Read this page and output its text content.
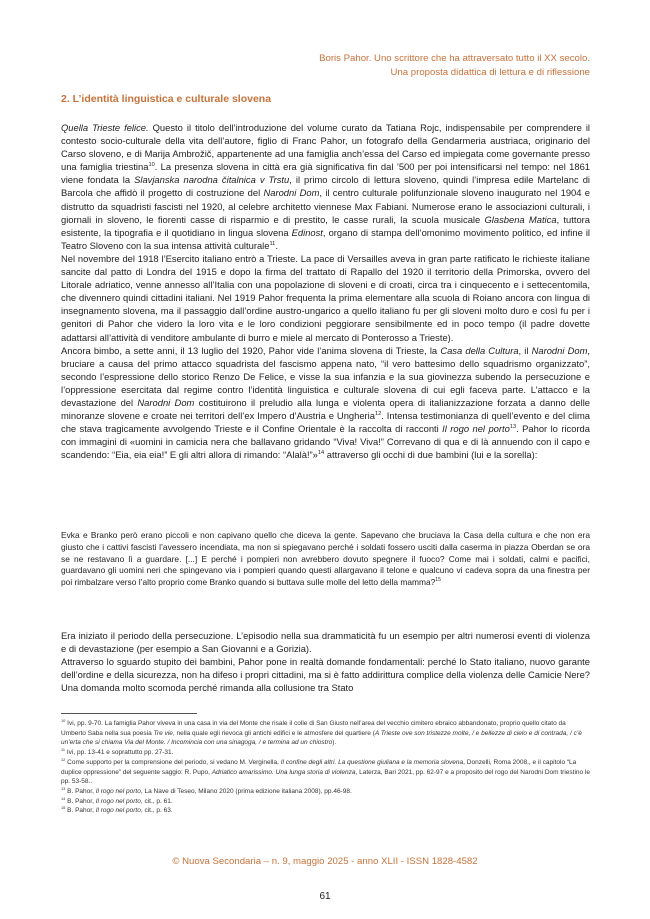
Boris Pahor. Uno scrittore che ha attraversato tutto il XX secolo.
Una proposta didattica di lettura e di riflessione
2. L’identità linguistica e culturale slovena

Quella Trieste felice. Questo il titolo dell’introduzione del volume curato da Tatiana Rojc, indispensabile per comprendere il contesto socio-culturale della vita dell’autore, figlio di Franc Pahor, un fotografo della Gendarmeria austriaca, originario del Carso sloveno, e di Marija Ambrožič, appartenente ad una famiglia anch’essa del Carso ed impiegata come governante presso una famiglia triestina$^{10}$. La presenza slovena in città era già significativa fin dal ’500 per poi intensificarsi nel tempo: nel 1861 viene fondata la Slavjanska narodna čitalnica v Trstu, il primo circolo di lettura sloveno, quindi l’impresa edile Martelanc di Barcola che affidò il progetto di costruzione del Narodni Dom, il centro culturale polifunzionale sloveno inaugurato nel 1904 e distrutto da squadristi fascisti nel 1920, al celebre architetto viennese Max Fabiani. Numerose erano le associazioni culturali, i giornali in sloveno, le fiorenti casse di risparmio e di prestito, le casse rurali, la scuola musicale Glasbena Matica, tuttora esistente, la tipografia e il quotidiano in lingua slovena Edinost, organo di stampa dell’omonimo movimento politico, ed infine il Teatro Sloveno con la sua intensa attività culturale$^{11}$.

Nel novembre del 1918 l’Esercito italiano entrò a Trieste. La pace di Versailles aveva in gran parte ratificato le richieste italiane sancite dal patto di Londra del 1915 e dopo la firma del trattato di Rapallo del 1920 il territorio della Primorska, ovvero del Litorale adriatico, venne annesso all’Italia con una popolazione di sloveni e di croati, circa tra i cinquecento e i settecentomila, che divennero quindi cittadini italiani. Nel 1919 Pahor frequenta la prima elementare alla scuola di Roiano ancora con lingua di insegnamento slovena, ma il passaggio dall’ordine austro-ungarico a quello italiano fu per gli sloveni molto duro e così fu per i genitori di Pahor che videro la loro vita e le loro condizioni peggiorare sensibilmente ed in poco tempo (il padre dovette adattarsi all’attività di venditore ambulante di burro e miele al mercato di Ponterosso a Trieste).

Ancora bimbo, a sette anni, il 13 luglio del 1920, Pahor vide l’anima slovena di Trieste, la Casa della Cultura, il Narodni Dom, bruciare a causa del primo attacco squadrista del fascismo appena nato, “il vero battesimo dello squadrismo organizzato”, secondo l’espressione dello storico Renzo De Felice, e visse la sua infanzia e la sua giovinezza subendo la persecuzione e l’oppressione esercitata dal regime contro l’identità linguistica e culturale slovena di cui egli faceva parte. L’attacco e la devastazione del Narodni Dom costituirono il preludio alla lunga e violenta opera di italianizzazione forzata a danno delle minoranze slovene e croate nei territori dell’ex Impero d’Austria e Ungheria$^{12}$. Intensa testimonianza di quell’evento e del clima che stava tragicamente avvolgendo Trieste e il Confine Orientale è la raccolta di racconti Il rogo nel porto$^{13}$. Pahor lo ricorda con immagini di «uomini in camicia nera che ballavano gridando “Viva! Viva!” Correvano di qua e di là annuendo con il capo e scandendo: “Eia, eia eia!” E gli altri allora di rimando: “Alalà!”»$^{14}$ attraverso gli occhi di due bambini (lui e la sorella):

Evka e Branko però erano piccoli e non capivano quello che diceva la gente. Sapevano che bruciava la Casa della cultura e che non era giusto che i cattivi fascisti l’avessero incendiata, ma non si spiegavano perché i soldati fossero usciti dalla caserma in piazza Oberdan se ora se ne restavano lì a guardare. [...] E perché i pompieri non avrebbero dovuto spegnere il fuoco? Come mai i soldati, calmi e pacifici, guardavano gli uomini neri che spingevano via i pompieri quando questi allargavano il telone e qualcuno vi cadeva sopra da una finestra per poi rimbalzare verso l’alto proprio come Branko quando si buttava sulle molle del letto della mamma?$^{15}$

Era iniziato il periodo della persecuzione. L’episodio nella sua drammaticità fu un esempio per altri numerosi eventi di violenza e di devastazione (per esempio a San Giovanni e a Gorizia).

Attraverso lo sguardo stupito dei bambini, Pahor pone in realtà domande fondamentali: perché lo Stato italiano, nuovo garante dell’ordine e della sicurezza, non ha difeso i propri cittadini, ma si è fatto addirittura complice della violenza delle Camicie Nere? Una domanda molto scomoda perché rimanda alla collusione tra Stato

$^{10}$ Ivi, pp. 9-70. La famiglia Pahor viveva in una casa in via del Monte che risale il colle di San Giusto nell’area del vecchio cimitero ebraico abbandonato, proprio quello citato da Umberto Saba nella sua poesia Tre vie, nella quale egli rievoca gli antichi edifici e le atmosfere del quartiere (A Trieste ove son tristezze molte, / e bellezze di cielo e di contrada, / c’è un’erta che si chiama Via del Monte. / Incomincia con una sinagoga, / e termina ad un chiostro).

$^{11}$ Ivi, pp. 13-41 e soprattutto pp. 27-31.

$^{12}$ Come supporto per la comprensione del periodo, si vedano M. Verginella, Il confine degli altri. La questione giuliana e la memoria slovena, Donzelli, Roma 2008., e il capitolo “La duplice oppressione” del seguente saggio: R. Pupo, Adriatico amarissimo. Una lunga storia di violenza, Laterza, Bari 2021, pp. 62-97 e a proposito del rogo del Narodni Dom triestino le pp. 53-58..

$^{13}$ B. Pahor, Il rogo nel porto, La Nave di Teseo, Milano 2020 (prima edizione italiana 2008), pp.46-98.

$^{14}$ B. Pahor, Il rogo nel porto, cit., p. 61.

$^{15}$ B. Pahor, Il rogo nel porto, cit., p. 63.

© Nuova Secondaria – n. 9, maggio 2025 - anno XLII - ISSN 1828-4582
61
